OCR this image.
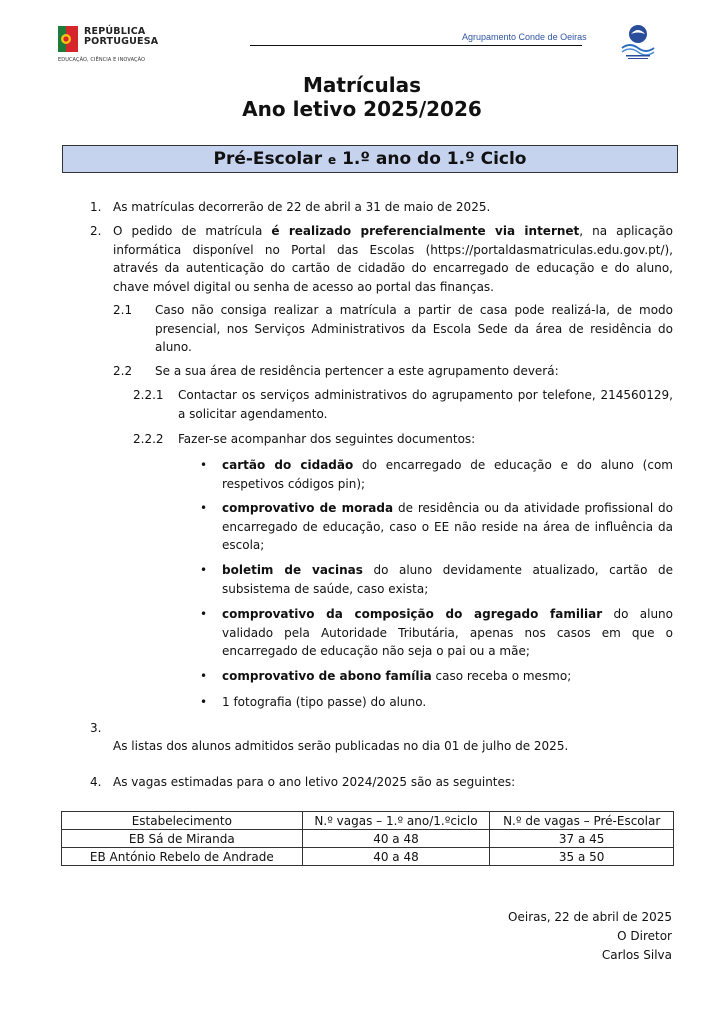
REPÚBLICA
PORTUGUESA
EDUCAÇÃO, CIÊNCIA E INOVAÇÃO
Agrupamento Conde de Oeiras
Matrículas
Ano letivo 2025/2026
Pré-Escolar e 1.º ano do 1.º Ciclo
1. As matrículas decorrerão de 22 de abril a 31 de maio de 2025.
2. O pedido de matrícula é realizado preferencialmente via internet, na aplicação informática disponível no Portal das Escolas (https://portaldasmatriculas.edu.gov.pt/), através da autenticação do cartão de cidadão do encarregado de educação e do aluno, chave móvel digital ou senha de acesso ao portal das finanças.
2.1 Caso não consiga realizar a matrícula a partir de casa pode realizá-la, de modo presencial, nos Serviços Administrativos da Escola Sede da área de residência do aluno.
2.2 Se a sua área de residência pertencer a este agrupamento deverá:
2.2.1 Contactar os serviços administrativos do agrupamento por telefone, 214560129, a solicitar agendamento.
2.2.2 Fazer-se acompanhar dos seguintes documentos:
• cartão do cidadão do encarregado de educação e do aluno (com respetivos códigos pin);
• comprovativo de morada de residência ou da atividade profissional do encarregado de educação, caso o EE não reside na área de influência da escola;
• boletim de vacinas do aluno devidamente atualizado, cartão de subsistema de saúde, caso exista;
• comprovativo da composição do agregado familiar do aluno validado pela Autoridade Tributária, apenas nos casos em que o encarregado de educação não seja o pai ou a mãe;
• comprovativo de abono família caso receba o mesmo;
• 1 fotografia (tipo passe) do aluno.
3.
As listas dos alunos admitidos serão publicadas no dia 01 de julho de 2025.
4. As vagas estimadas para o ano letivo 2024/2025 são as seguintes:
Estabelecimento	N.º vagas – 1.º ano/1.ºciclo	N.º de vagas – Pré-Escolar
EB Sá de Miranda	40 a 48	37 a 45
EB António Rebelo de Andrade	40 a 48	35 a 50
Oeiras, 22 de abril de 2025
O Diretor
Carlos Silva
